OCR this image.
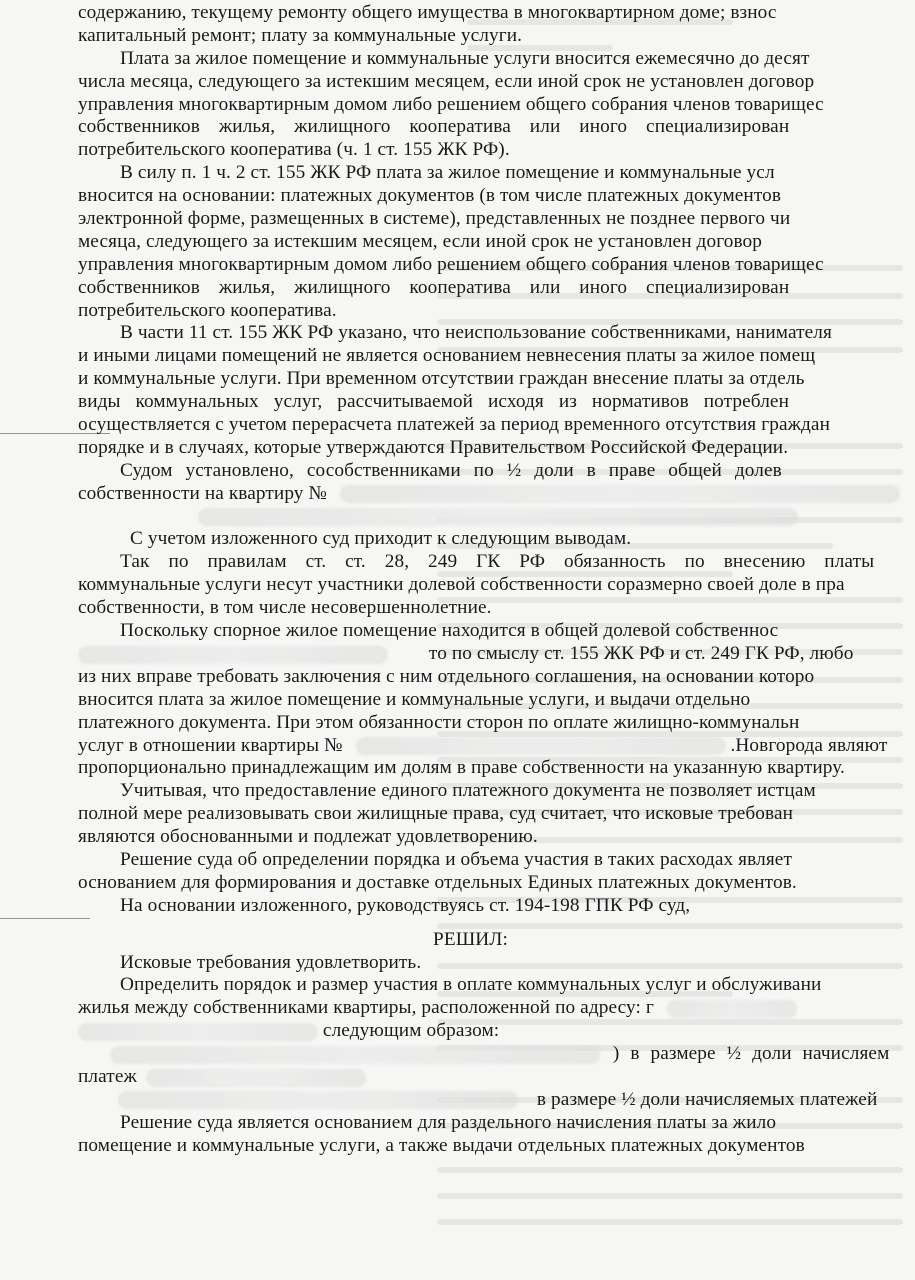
содержанию, текущему ремонту общего имущества в многоквартирном доме; взнос
капитальный ремонт; плату за коммунальные услуги.
Плата за жилое помещение и коммунальные услуги вносится ежемесячно до десят
числа месяца, следующего за истекшим месяцем, если иной срок не установлен договор
управления многоквартирным домом либо решением общего собрания членов товарищес
собственников жилья, жилищного кооператива или иного специализирован
потребительского кооператива (ч. 1 ст. 155 ЖК РФ).
В силу п. 1 ч. 2 ст. 155 ЖК РФ плата за жилое помещение и коммунальные усл
вносится на основании: платежных документов (в том числе платежных документов
электронной форме, размещенных в системе), представленных не позднее первого чи
месяца, следующего за истекшим месяцем, если иной срок не установлен договор
управления многоквартирным домом либо решением общего собрания членов товарищес
собственников жилья, жилищного кооператива или иного специализирован
потребительского кооператива.
В части 11 ст. 155 ЖК РФ указано, что неиспользование собственниками, нанимателя
и иными лицами помещений не является основанием невнесения платы за жилое помещ
и коммунальные услуги. При временном отсутствии граждан внесение платы за отдель
виды коммунальных услуг, рассчитываемой исходя из нормативов потреблен
осуществляется с учетом перерасчета платежей за период временного отсутствия граждан
порядке и в случаях, которые утверждаются Правительством Российской Федерации.
Судом установлено, сособственниками по ½ доли в праве общей долев
собственности на квартиру №
С учетом изложенного суд приходит к следующим выводам.
Так по правилам ст. ст. 28, 249 ГК РФ обязанность по внесению платы
коммунальные услуги несут участники долевой собственности соразмерно своей доле в пра
собственности, в том числе несовершеннолетние.
Поскольку спорное жилое помещение находится в общей долевой собственнос
то по смыслу ст. 155 ЖК РФ и ст. 249 ГК РФ, любо
из них вправе требовать заключения с ним отдельного соглашения, на основании которо
вносится плата за жилое помещение и коммунальные услуги, и выдачи отдельно
платежного документа. При этом обязанности сторон по оплате жилищно-коммунальн
услуг в отношении квартиры №	.Новгорода являют
пропорционально принадлежащим им долям в праве собственности на указанную квартиру.
Учитывая, что предоставление единого платежного документа не позволяет истцам
полной мере реализовывать свои жилищные права, суд считает, что исковые требован
являются обоснованными и подлежат удовлетворению.
Решение суда об определении порядка и объема участия в таких расходах являет
основанием для формирования и доставке отдельных Единых платежных документов.
На основании изложенного, руководствуясь ст. 194-198 ГПК РФ суд,
РЕШИЛ:
Исковые требования удовлетворить.
Определить порядок и размер участия в оплате коммунальных услуг и обслуживани
жилья между собственниками квартиры, расположенной по адресу: г
следующим образом:
) в размере ½ доли начисляем
платеж
в размере ½ доли начисляемых платежей
Решение суда является основанием для раздельного начисления платы за жило
помещение и коммунальные услуги, а также выдачи отдельных платежных документов
